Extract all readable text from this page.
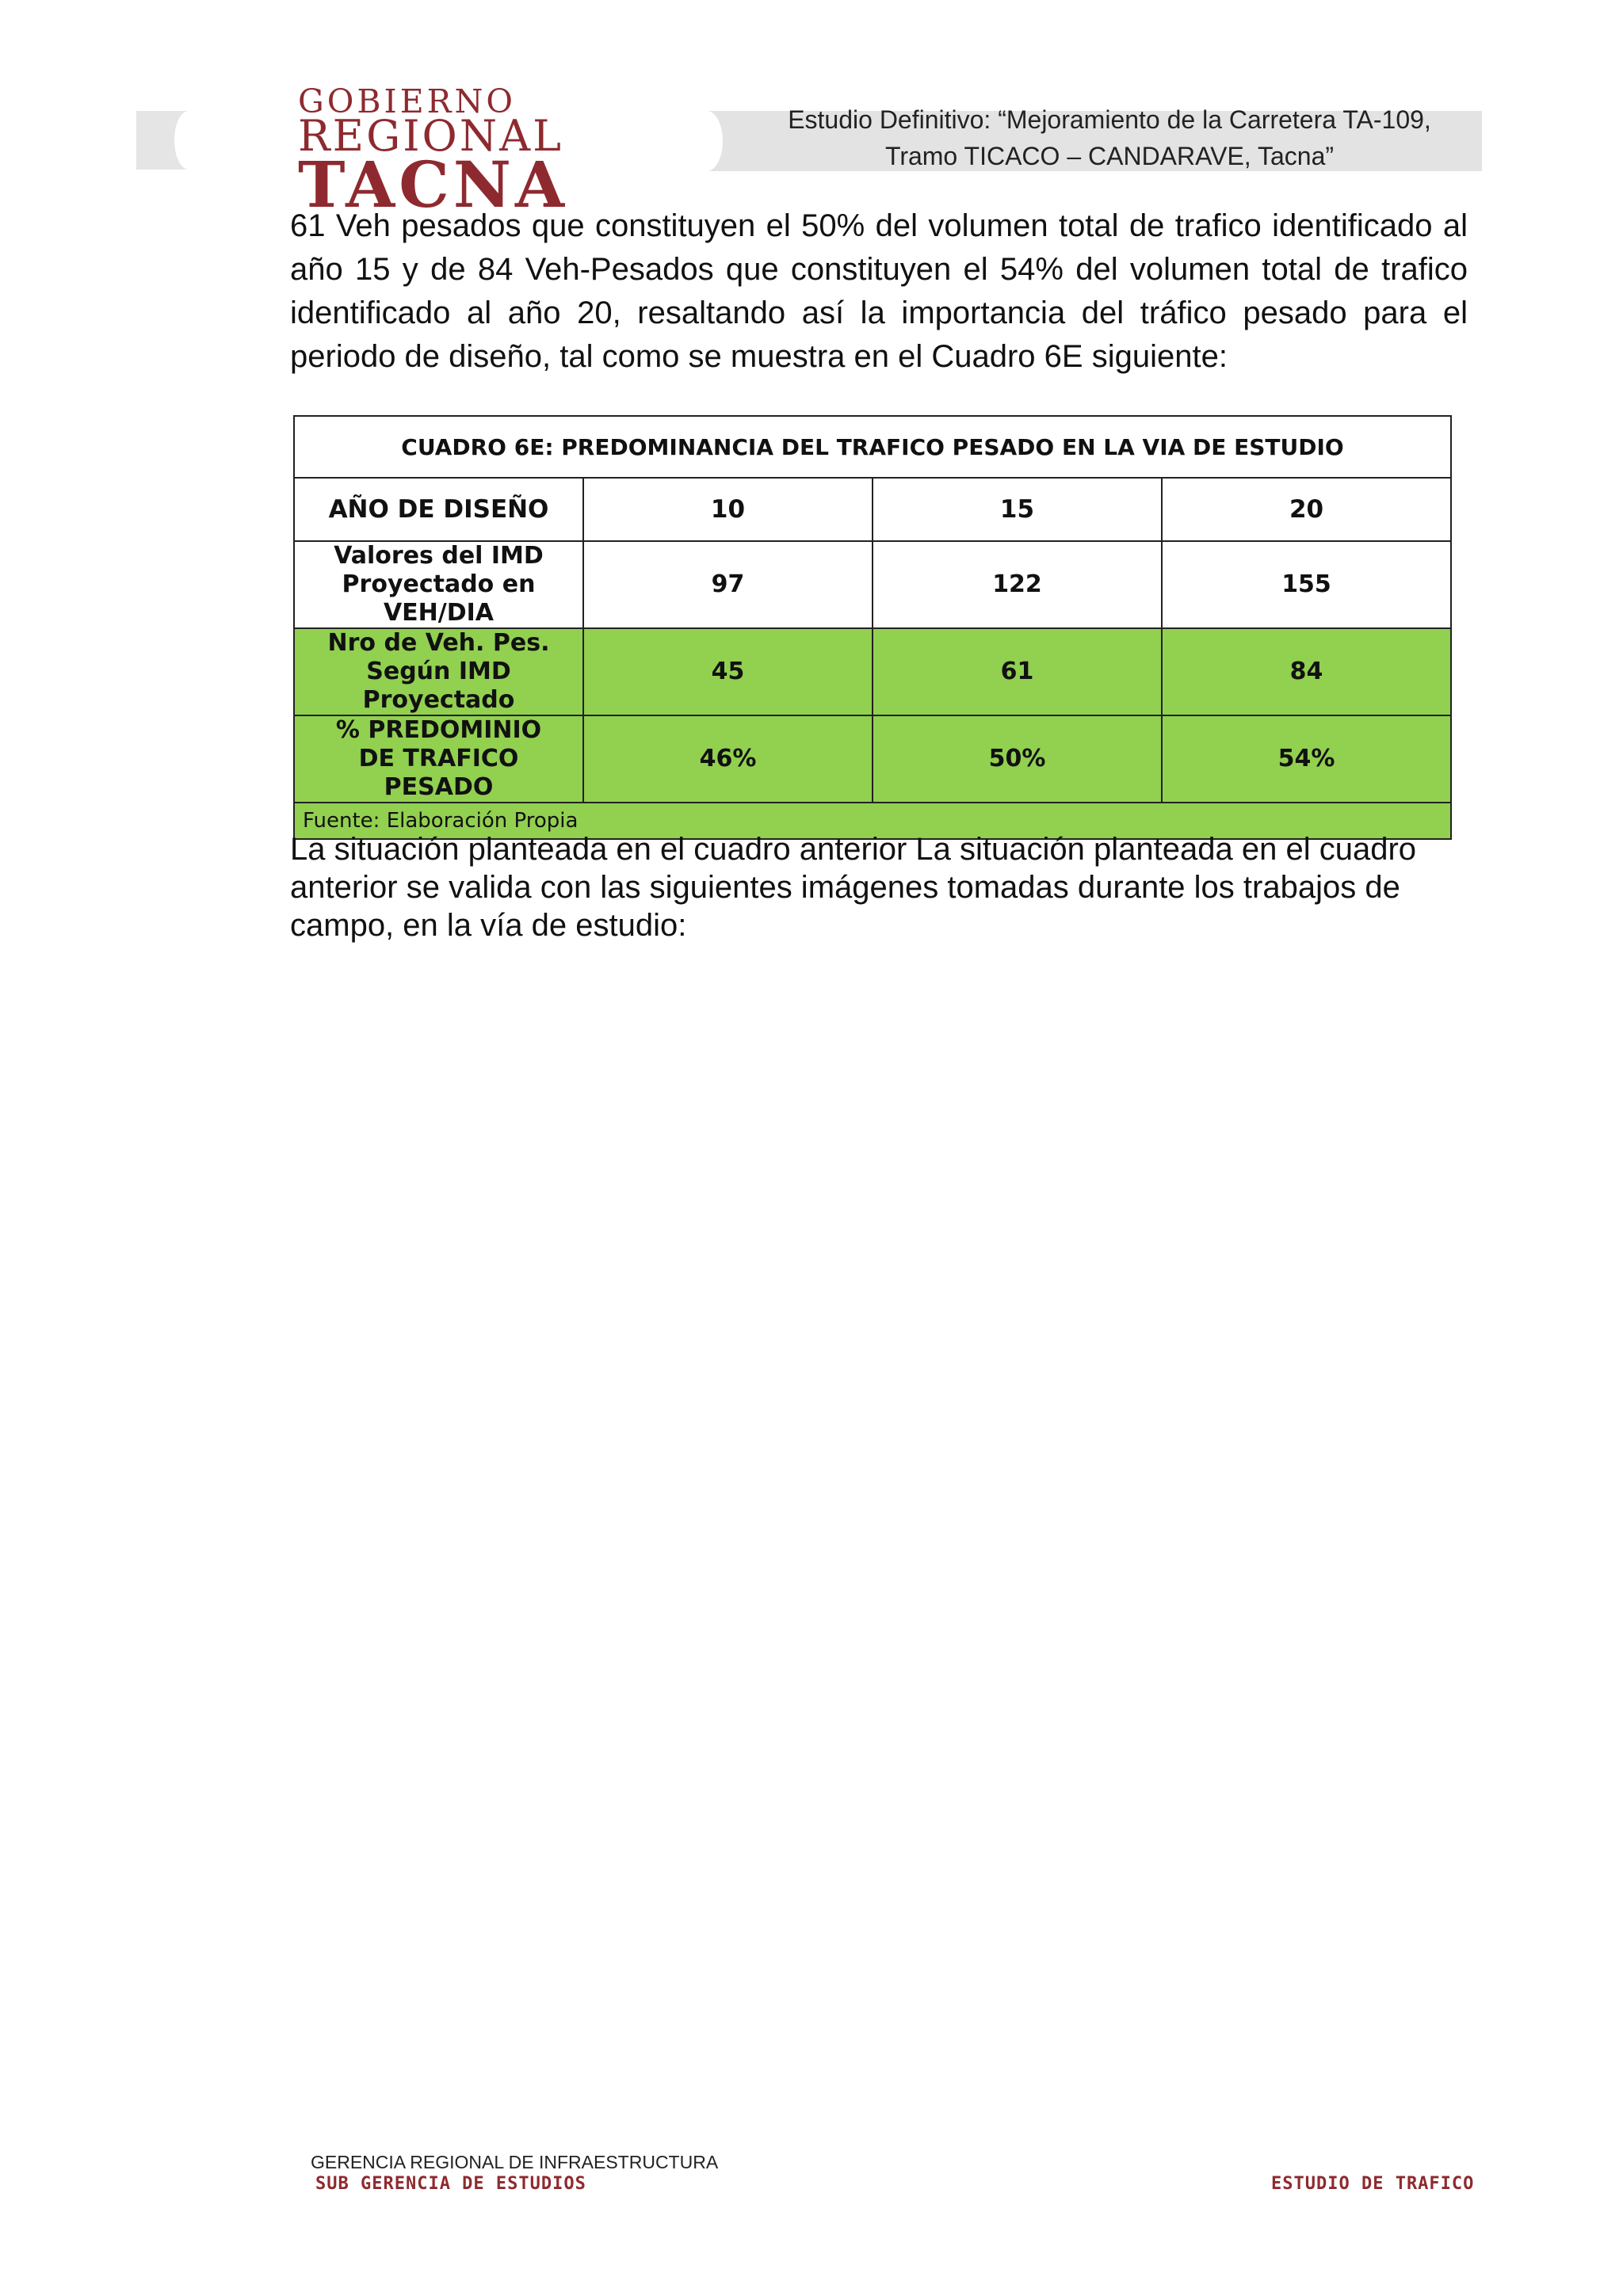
GOBIERNO
REGIONAL
TACNA
Estudio Definitivo: “Mejoramiento de la Carretera TA-109,
Tramo TICACO – CANDARAVE, Tacna”

61 Veh pesados que constituyen el 50% del volumen total de trafico identificado al año 15 y de 84 Veh-Pesados que constituyen el 54% del volumen total de trafico identificado al año 20, resaltando así la importancia del tráfico pesado para el periodo de diseño, tal como se muestra en el Cuadro 6E siguiente:

CUADRO 6E: PREDOMINANCIA DEL TRAFICO PESADO EN LA VIA DE ESTUDIO			
AÑO DE DISEÑO	10	15	20
Valores del IMD Proyectado en VEH/DIA	97	122	155
Nro de Veh. Pes. Según IMD Proyectado	45	61	84
% PREDOMINIO DE TRAFICO PESADO	46%	50%	54%
Fuente: Elaboración Propia			

La situación planteada en el cuadro anterior La situación planteada en el cuadro anterior se valida con las siguientes imágenes tomadas durante los trabajos de campo, en la vía de estudio:

GERENCIA REGIONAL DE INFRAESTRUCTURA
SUB GERENCIA DE ESTUDIOS	ESTUDIO DE TRAFICO
